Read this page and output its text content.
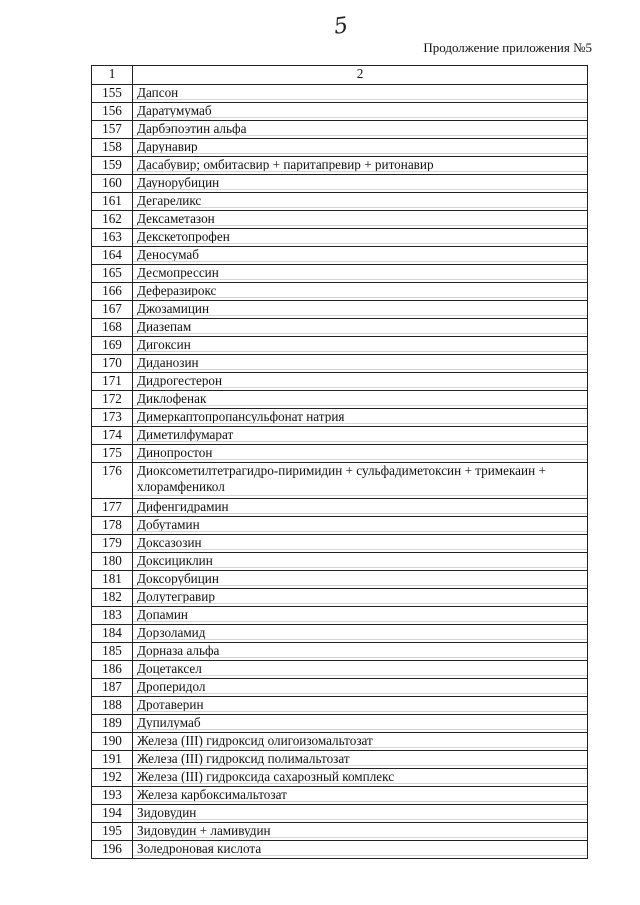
5
Продолжение приложения №5
1	2
155	Дапсон
156	Даратумумаб
157	Дарбэпоэтин альфа
158	Дарунавир
159	Дасабувир; омбитасвир + паритапревир + ритонавир
160	Даунорубицин
161	Дегареликс
162	Дексаметазон
163	Декскетопрофен
164	Деносумаб
165	Десмопрессин
166	Деферазирокс
167	Джозамицин
168	Диазепам
169	Дигоксин
170	Диданозин
171	Дидрогестерон
172	Диклофенак
173	Димеркаптопропансульфонат натрия
174	Диметилфумарат
175	Динопростон
176	Диоксометилтетрагидро-пиримидин + сульфадиметоксин + тримекаин + хлорамфеникол
177	Дифенгидрамин
178	Добутамин
179	Доксазозин
180	Доксициклин
181	Доксорубицин
182	Долутегравир
183	Допамин
184	Дорзоламид
185	Дорназа альфа
186	Доцетаксел
187	Дроперидол
188	Дротаверин
189	Дупилумаб
190	Железа (III) гидроксид олигоизомальтозат
191	Железа (III) гидроксид полимальтозат
192	Железа (III) гидроксида сахарозный комплекс
193	Железа карбоксимальтозат
194	Зидовудин
195	Зидовудин + ламивудин
196	Золедроновая кислота
